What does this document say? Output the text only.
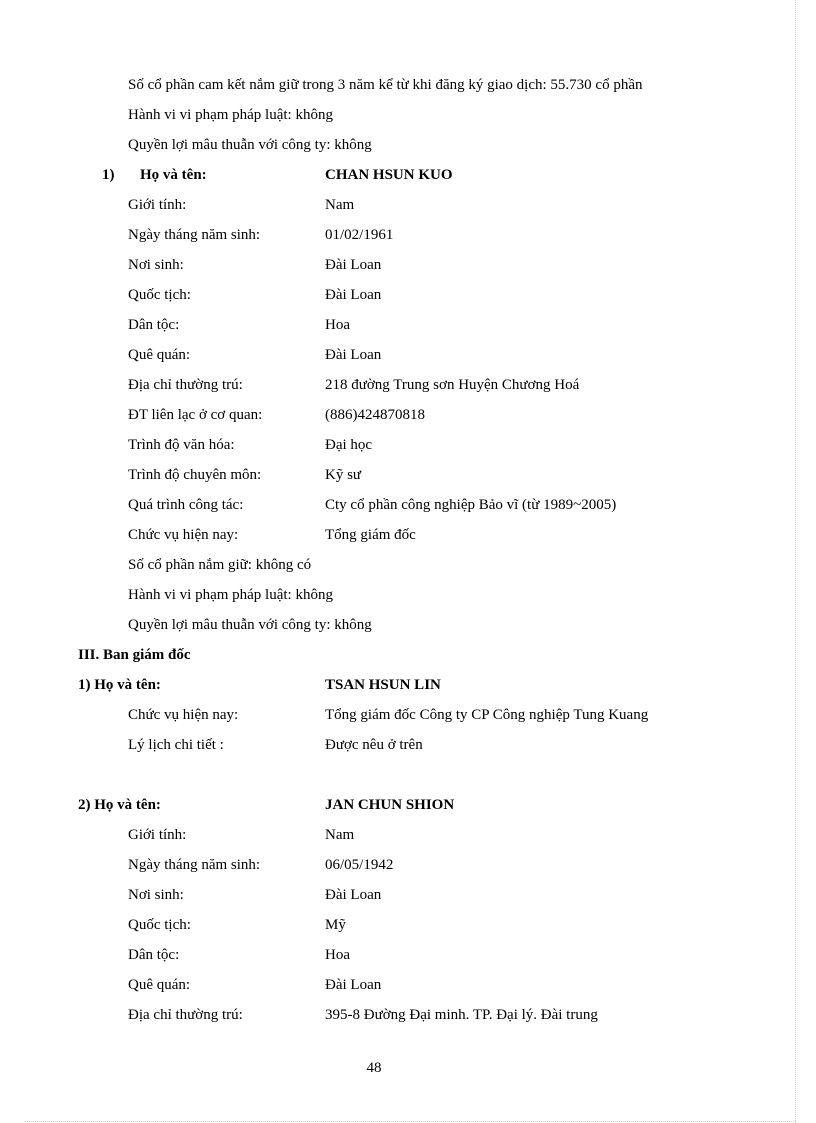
Số cổ phần cam kết nắm giữ trong 3 năm kể từ khi đăng ký giao dịch: 55.730 cổ phần
Hành vi vi phạm pháp luật: không
Quyền lợi mâu thuẫn với công ty: không
1) Họ và tên:	CHAN HSUN KUO
Giới tính:	Nam
Ngày tháng năm sinh:	01/02/1961
Nơi sinh:	Đài Loan
Quốc tịch:	Đài Loan
Dân tộc:	Hoa
Quê quán:	Đài Loan
Địa chỉ thường trú:	218 đường Trung sơn Huyện Chương Hoá
ĐT liên lạc ở cơ quan:	(886)424870818
Trình độ văn hóa:	Đại học
Trình độ chuyên môn:	Kỹ sư
Quá trình công tác:	Cty cổ phần công nghiệp Bảo vĩ (từ 1989~2005)
Chức vụ hiện nay:	Tổng giám đốc
Số cổ phần nắm giữ: không có
Hành vi vi phạm pháp luật: không
Quyền lợi mâu thuẫn với công ty: không
III. Ban giám đốc
1) Họ và tên:	TSAN HSUN LIN
Chức vụ hiện nay:	Tổng giám đốc Công ty CP Công nghiệp Tung Kuang
Lý lịch chi tiết :	Được nêu ở trên
2) Họ và tên:	JAN CHUN SHION
Giới tính:	Nam
Ngày tháng năm sinh:	06/05/1942
Nơi sinh:	Đài Loan
Quốc tịch:	Mỹ
Dân tộc:	Hoa
Quê quán:	Đài Loan
Địa chỉ thường trú:	395-8 Đường Đại minh. TP. Đại lý. Đài trung
48
